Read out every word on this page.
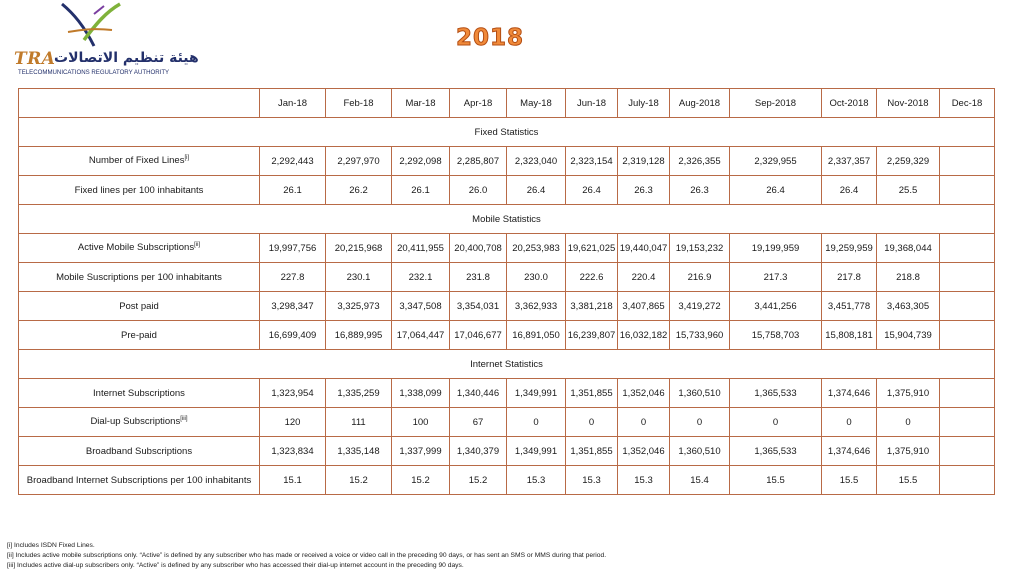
TRA
هيئة تنظيم الاتصالات
TELECOMMUNICATIONS REGULATORY AUTHORITY
2018
	Jan-18	Feb-18	Mar-18	Apr-18	May-18	Jun-18	July-18	Aug-2018	Sep-2018	Oct-2018	Nov-2018	Dec-18
Fixed Statistics												
Number of Fixed Lines[i]	2,292,443	2,297,970	2,292,098	2,285,807	2,323,040	2,323,154	2,319,128	2,326,355	2,329,955	2,337,357	2,259,329	
Fixed lines per 100 inhabitants	26.1	26.2	26.1	26.0	26.4	26.4	26.3	26.3	26.4	26.4	25.5	
Mobile Statistics												
Active Mobile Subscriptions[ii]	19,997,756	20,215,968	20,411,955	20,400,708	20,253,983	19,621,025	19,440,047	19,153,232	19,199,959	19,259,959	19,368,044	
Mobile Suscriptions per 100 inhabitants	227.8	230.1	232.1	231.8	230.0	222.6	220.4	216.9	217.3	217.8	218.8	
Post paid	3,298,347	3,325,973	3,347,508	3,354,031	3,362,933	3,381,218	3,407,865	3,419,272	3,441,256	3,451,778	3,463,305	
Pre-paid	16,699,409	16,889,995	17,064,447	17,046,677	16,891,050	16,239,807	16,032,182	15,733,960	15,758,703	15,808,181	15,904,739	
Internet Statistics												
Internet Subscriptions	1,323,954	1,335,259	1,338,099	1,340,446	1,349,991	1,351,855	1,352,046	1,360,510	1,365,533	1,374,646	1,375,910	
Dial-up Subscriptions[iii]	120	111	100	67	0	0	0	0	0	0	0	
Broadband Subscriptions	1,323,834	1,335,148	1,337,999	1,340,379	1,349,991	1,351,855	1,352,046	1,360,510	1,365,533	1,374,646	1,375,910	
Broadband Internet Subscriptions per 100 inhabitants	15.1	15.2	15.2	15.2	15.3	15.3	15.3	15.4	15.5	15.5	15.5	
[i] Includes ISDN Fixed Lines.
[ii] Includes active mobile subscriptions only. “Active” is defined by any subscriber who has made or received a voice or video call in the preceding 90 days, or has sent an SMS or MMS during that period.
[iii] Includes active dial-up subscribers only. “Active” is defined by any subscriber who has accessed their dial-up internet account in the preceding 90 days.
